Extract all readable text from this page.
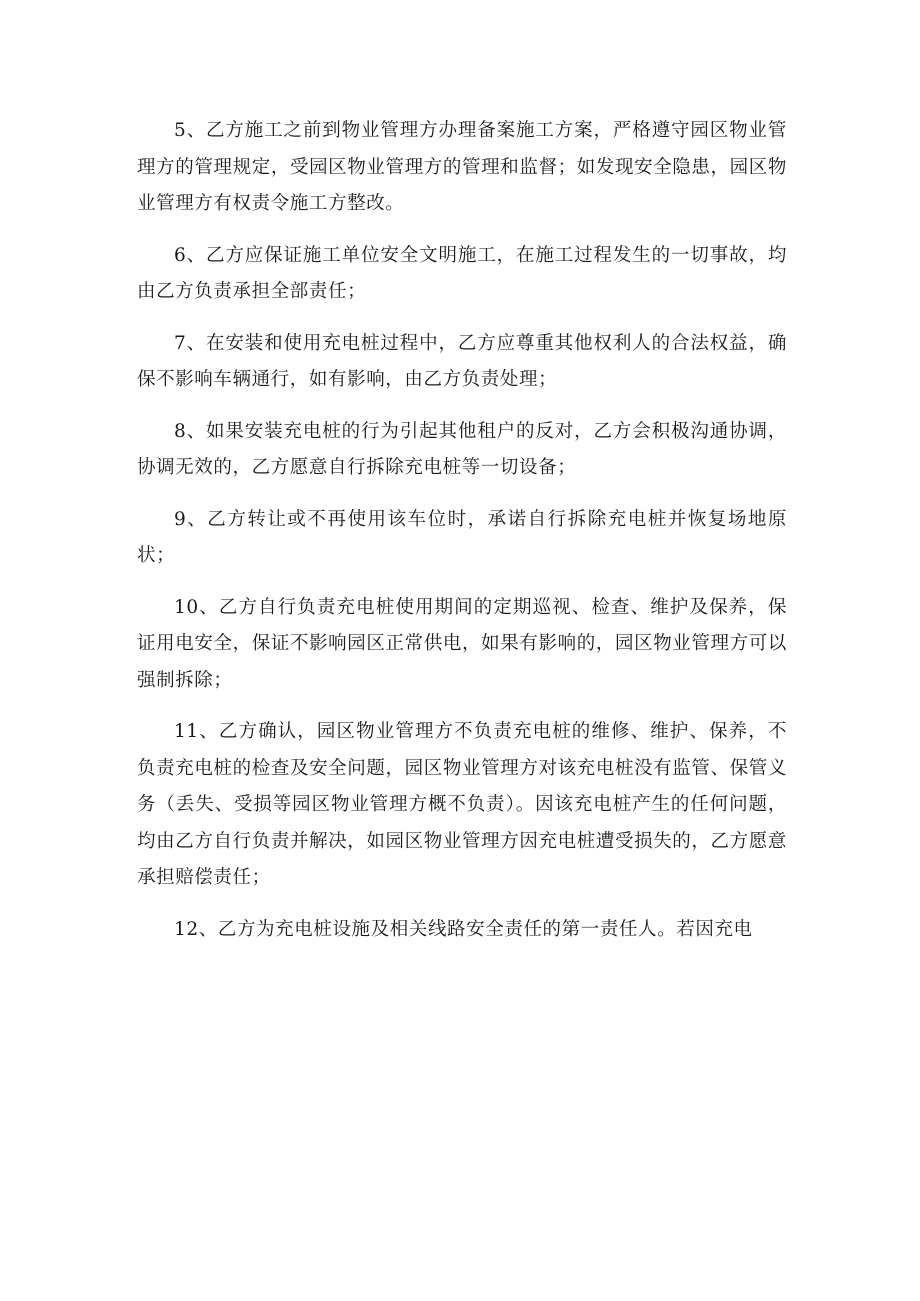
5、乙方施工之前到物业管理方办理备案施工方案，严格遵守园区物业管理方的管理规定，受园区物业管理方的管理和监督；如发现安全隐患，园区物业管理方有权责令施工方整改。

6、乙方应保证施工单位安全文明施工，在施工过程发生的一切事故，均由乙方负责承担全部责任；

7、在安装和使用充电桩过程中，乙方应尊重其他权利人的合法权益，确保不影响车辆通行，如有影响，由乙方负责处理；

8、如果安装充电桩的行为引起其他租户的反对，乙方会积极沟通协调，协调无效的，乙方愿意自行拆除充电桩等一切设备；

9、乙方转让或不再使用该车位时，承诺自行拆除充电桩并恢复场地原状；

10、乙方自行负责充电桩使用期间的定期巡视、检查、维护及保养，保证用电安全，保证不影响园区正常供电，如果有影响的，园区物业管理方可以强制拆除；

11、乙方确认，园区物业管理方不负责充电桩的维修、维护、保养，不负责充电桩的检查及安全问题，园区物业管理方对该充电桩没有监管、保管义务（丢失、受损等园区物业管理方概不负责）。因该充电桩产生的任何问题，均由乙方自行负责并解决，如园区物业管理方因充电桩遭受损失的，乙方愿意承担赔偿责任；

12、乙方为充电桩设施及相关线路安全责任的第一责任人。若因充电
